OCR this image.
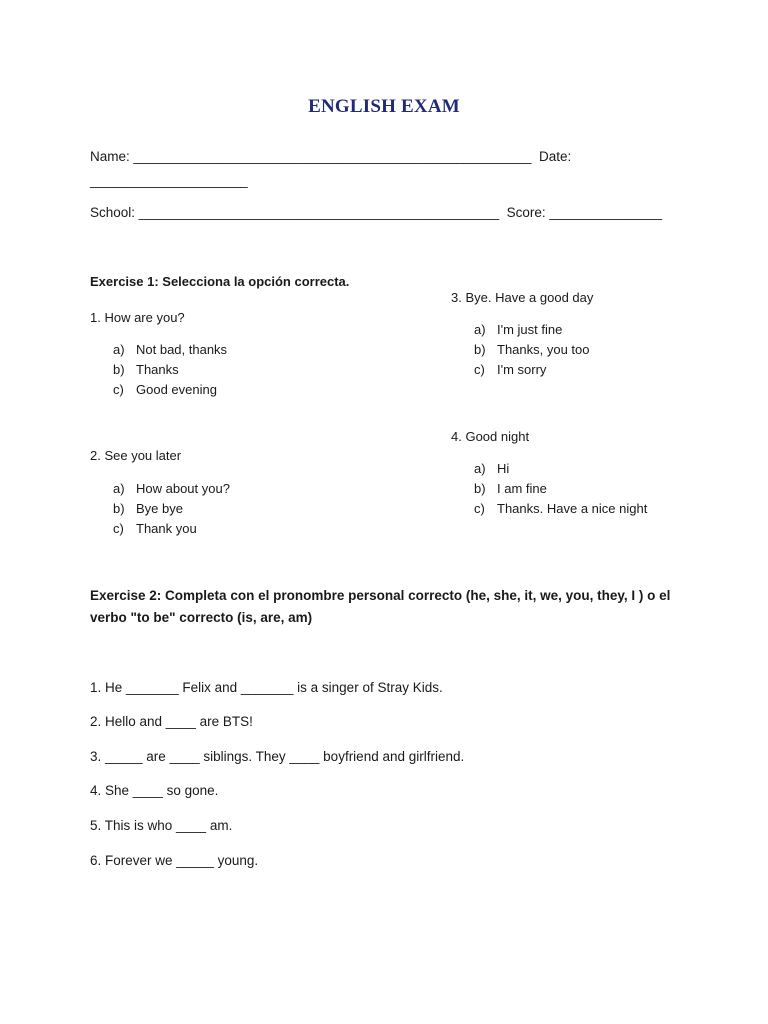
ENGLISH EXAM
Name: _____________________________________________________  Date:
_____________________
School: ________________________________________________  Score: _______________
Exercise 1: Selecciona la opción correcta.
1. How are you?
a) Not bad, thanks
b) Thanks
c) Good evening
2. See you later
a) How about you?
b) Bye bye
c) Thank you
3. Bye. Have a good day
a) I'm just fine
b) Thanks, you too
c) I'm sorry
4. Good night
a) Hi
b) I am fine
c) Thanks. Have a nice night
Exercise 2: Completa con el pronombre personal correcto (he, she, it, we, you, they, I ) o el verbo "to be" correcto (is, are, am)
1. He _______ Felix and _______ is a singer of Stray Kids.
2. Hello and ____ are BTS!
3. _____ are ____ siblings. They ____ boyfriend and girlfriend.
4. She ____ so gone.
5. This is who ____ am.
6. Forever we _____ young.
